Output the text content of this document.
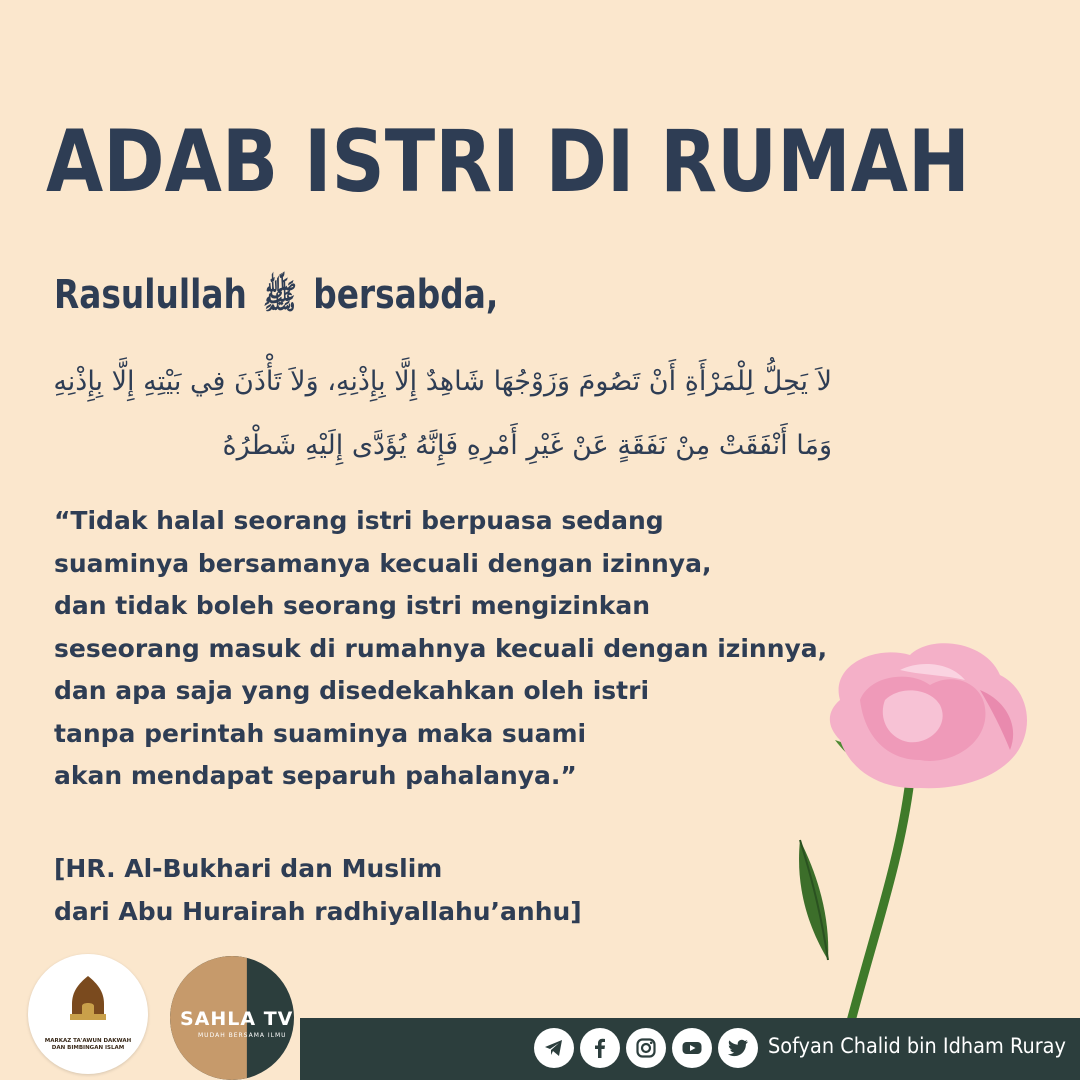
ADAB ISTRI DI RUMAH
Rasulullah ﷺ bersabda,
لاَ يَحِلُّ لِلْمَرْأَةِ أَنْ تَصُومَ وَزَوْجُهَا شَاهِدٌ إِلَّا بِإِذْنِهِ، وَلاَ تَأْذَنَ فِي بَيْتِهِ إِلَّا بِإِذْنِهِ
وَمَا أَنْفَقَتْ مِنْ نَفَقَةٍ عَنْ غَيْرِ أَمْرِهِ فَإِنَّهُ يُؤَدَّى إِلَيْهِ شَطْرُهُ
“Tidak halal seorang istri berpuasa sedang
suaminya bersamanya kecuali dengan izinnya,
dan tidak boleh seorang istri mengizinkan
seseorang masuk di rumahnya kecuali dengan izinnya,
dan apa saja yang disedekahkan oleh istri
tanpa perintah suaminya maka suami
akan mendapat separuh pahalanya.”
[HR. Al-Bukhari dan Muslim
dari Abu Hurairah radhiyallahu’anhu]
MARKAZ TA'AWUN DAKWAH DAN BIMBINGAN ISLAM
SAHLA TV
MUDAH BERSAMA ILMU	Sofyan Chalid bin Idham Ruray
